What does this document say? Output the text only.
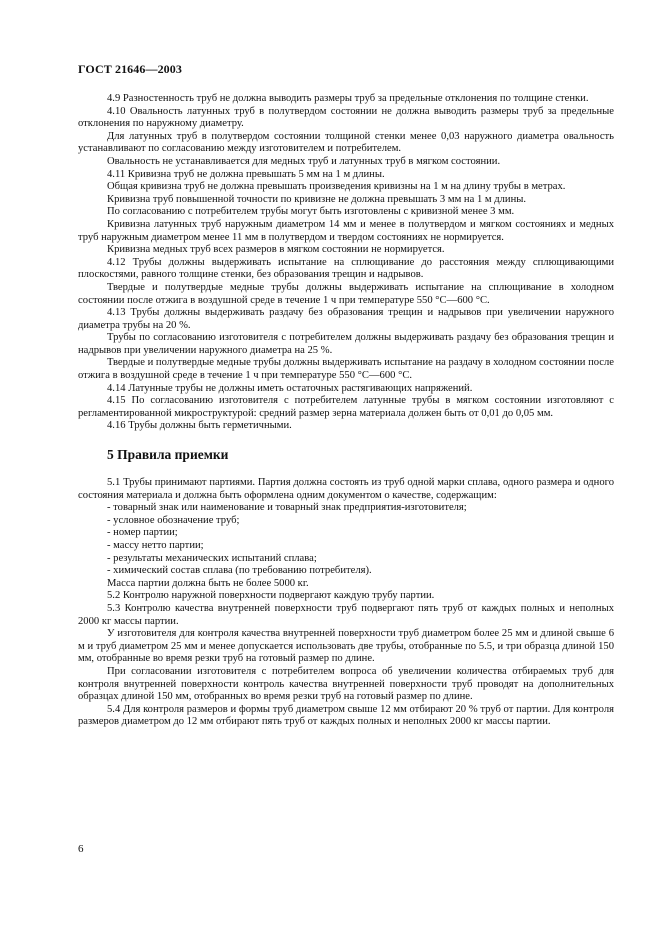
ГОСТ 21646—2003

4.9 Разностенность труб не должна выводить размеры труб за предельные отклонения по толщине стенки.

4.10 Овальность латунных труб в полутвердом состоянии не должна выводить размеры труб за предельные отклонения по наружному диаметру.

Для латунных труб в полутвердом состоянии толщиной стенки менее 0,03 наружного диаметра овальность устанавливают по согласованию между изготовителем и потребителем.

Овальность не устанавливается для медных труб и латунных труб в мягком состоянии.

4.11 Кривизна труб не должна превышать 5 мм на 1 м длины.

Общая кривизна труб не должна превышать произведения кривизны на 1 м на длину трубы в метрах.

Кривизна труб повышенной точности по кривизне не должна превышать 3 мм на 1 м длины.

По согласованию с потребителем трубы могут быть изготовлены с кривизной менее 3 мм.

Кривизна латунных труб наружным диаметром 14 мм и менее в полутвердом и мягком состояниях и медных труб наружным диаметром менее 11 мм в полутвердом и твердом состояниях не нормируется.

Кривизна медных труб всех размеров в мягком состоянии не нормируется.

4.12 Трубы должны выдерживать испытание на сплющивание до расстояния между сплющивающими плоскостями, равного толщине стенки, без образования трещин и надрывов.

Твердые и полутвердые медные трубы должны выдерживать испытание на сплющивание в холодном состоянии после отжига в воздушной среде в течение 1 ч при температуре 550 °С—600 °С.

4.13 Трубы должны выдерживать раздачу без образования трещин и надрывов при увеличении наружного диаметра трубы на 20 %.

Трубы по согласованию изготовителя с потребителем должны выдерживать раздачу без образования трещин и надрывов при увеличении наружного диаметра на 25 %.

Твердые и полутвердые медные трубы должны выдерживать испытание на раздачу в холодном состоянии после отжига в воздушной среде в течение 1 ч при температуре 550 °С—600 °С.

4.14 Латунные трубы не должны иметь остаточных растягивающих напряжений.

4.15 По согласованию изготовителя с потребителем латунные трубы в мягком состоянии изготовляют с регламентированной микроструктурой: средний размер зерна материала должен быть от 0,01 до 0,05 мм.

4.16 Трубы должны быть герметичными.

5 Правила приемки

5.1 Трубы принимают партиями. Партия должна состоять из труб одной марки сплава, одного размера и одного состояния материала и должна быть оформлена одним документом о качестве, содержащим:

- товарный знак или наименование и товарный знак предприятия-изготовителя;

- условное обозначение труб;

- номер партии;

- массу нетто партии;

- результаты механических испытаний сплава;

- химический состав сплава (по требованию потребителя).

Масса партии должна быть не более 5000 кг.

5.2 Контролю наружной поверхности подвергают каждую трубу партии.

5.3 Контролю качества внутренней поверхности труб подвергают пять труб от каждых полных и неполных 2000 кг массы партии.

У изготовителя для контроля качества внутренней поверхности труб диаметром более 25 мм и длиной свыше 6 м и труб диаметром 25 мм и менее допускается использовать две трубы, отобранные по 5.5, и три образца длиной 150 мм, отобранные во время резки труб на готовый размер по длине.

При согласовании изготовителя с потребителем вопроса об увеличении количества отбираемых труб для контроля внутренней поверхности контроль качества внутренней поверхности труб проводят на дополнительных образцах длиной 150 мм, отобранных во время резки труб на готовый размер по длине.

5.4 Для контроля размеров и формы труб диаметром свыше 12 мм отбирают 20 % труб от партии. Для контроля размеров диаметром до 12 мм отбирают пять труб от каждых полных и неполных 2000 кг массы партии.

6
